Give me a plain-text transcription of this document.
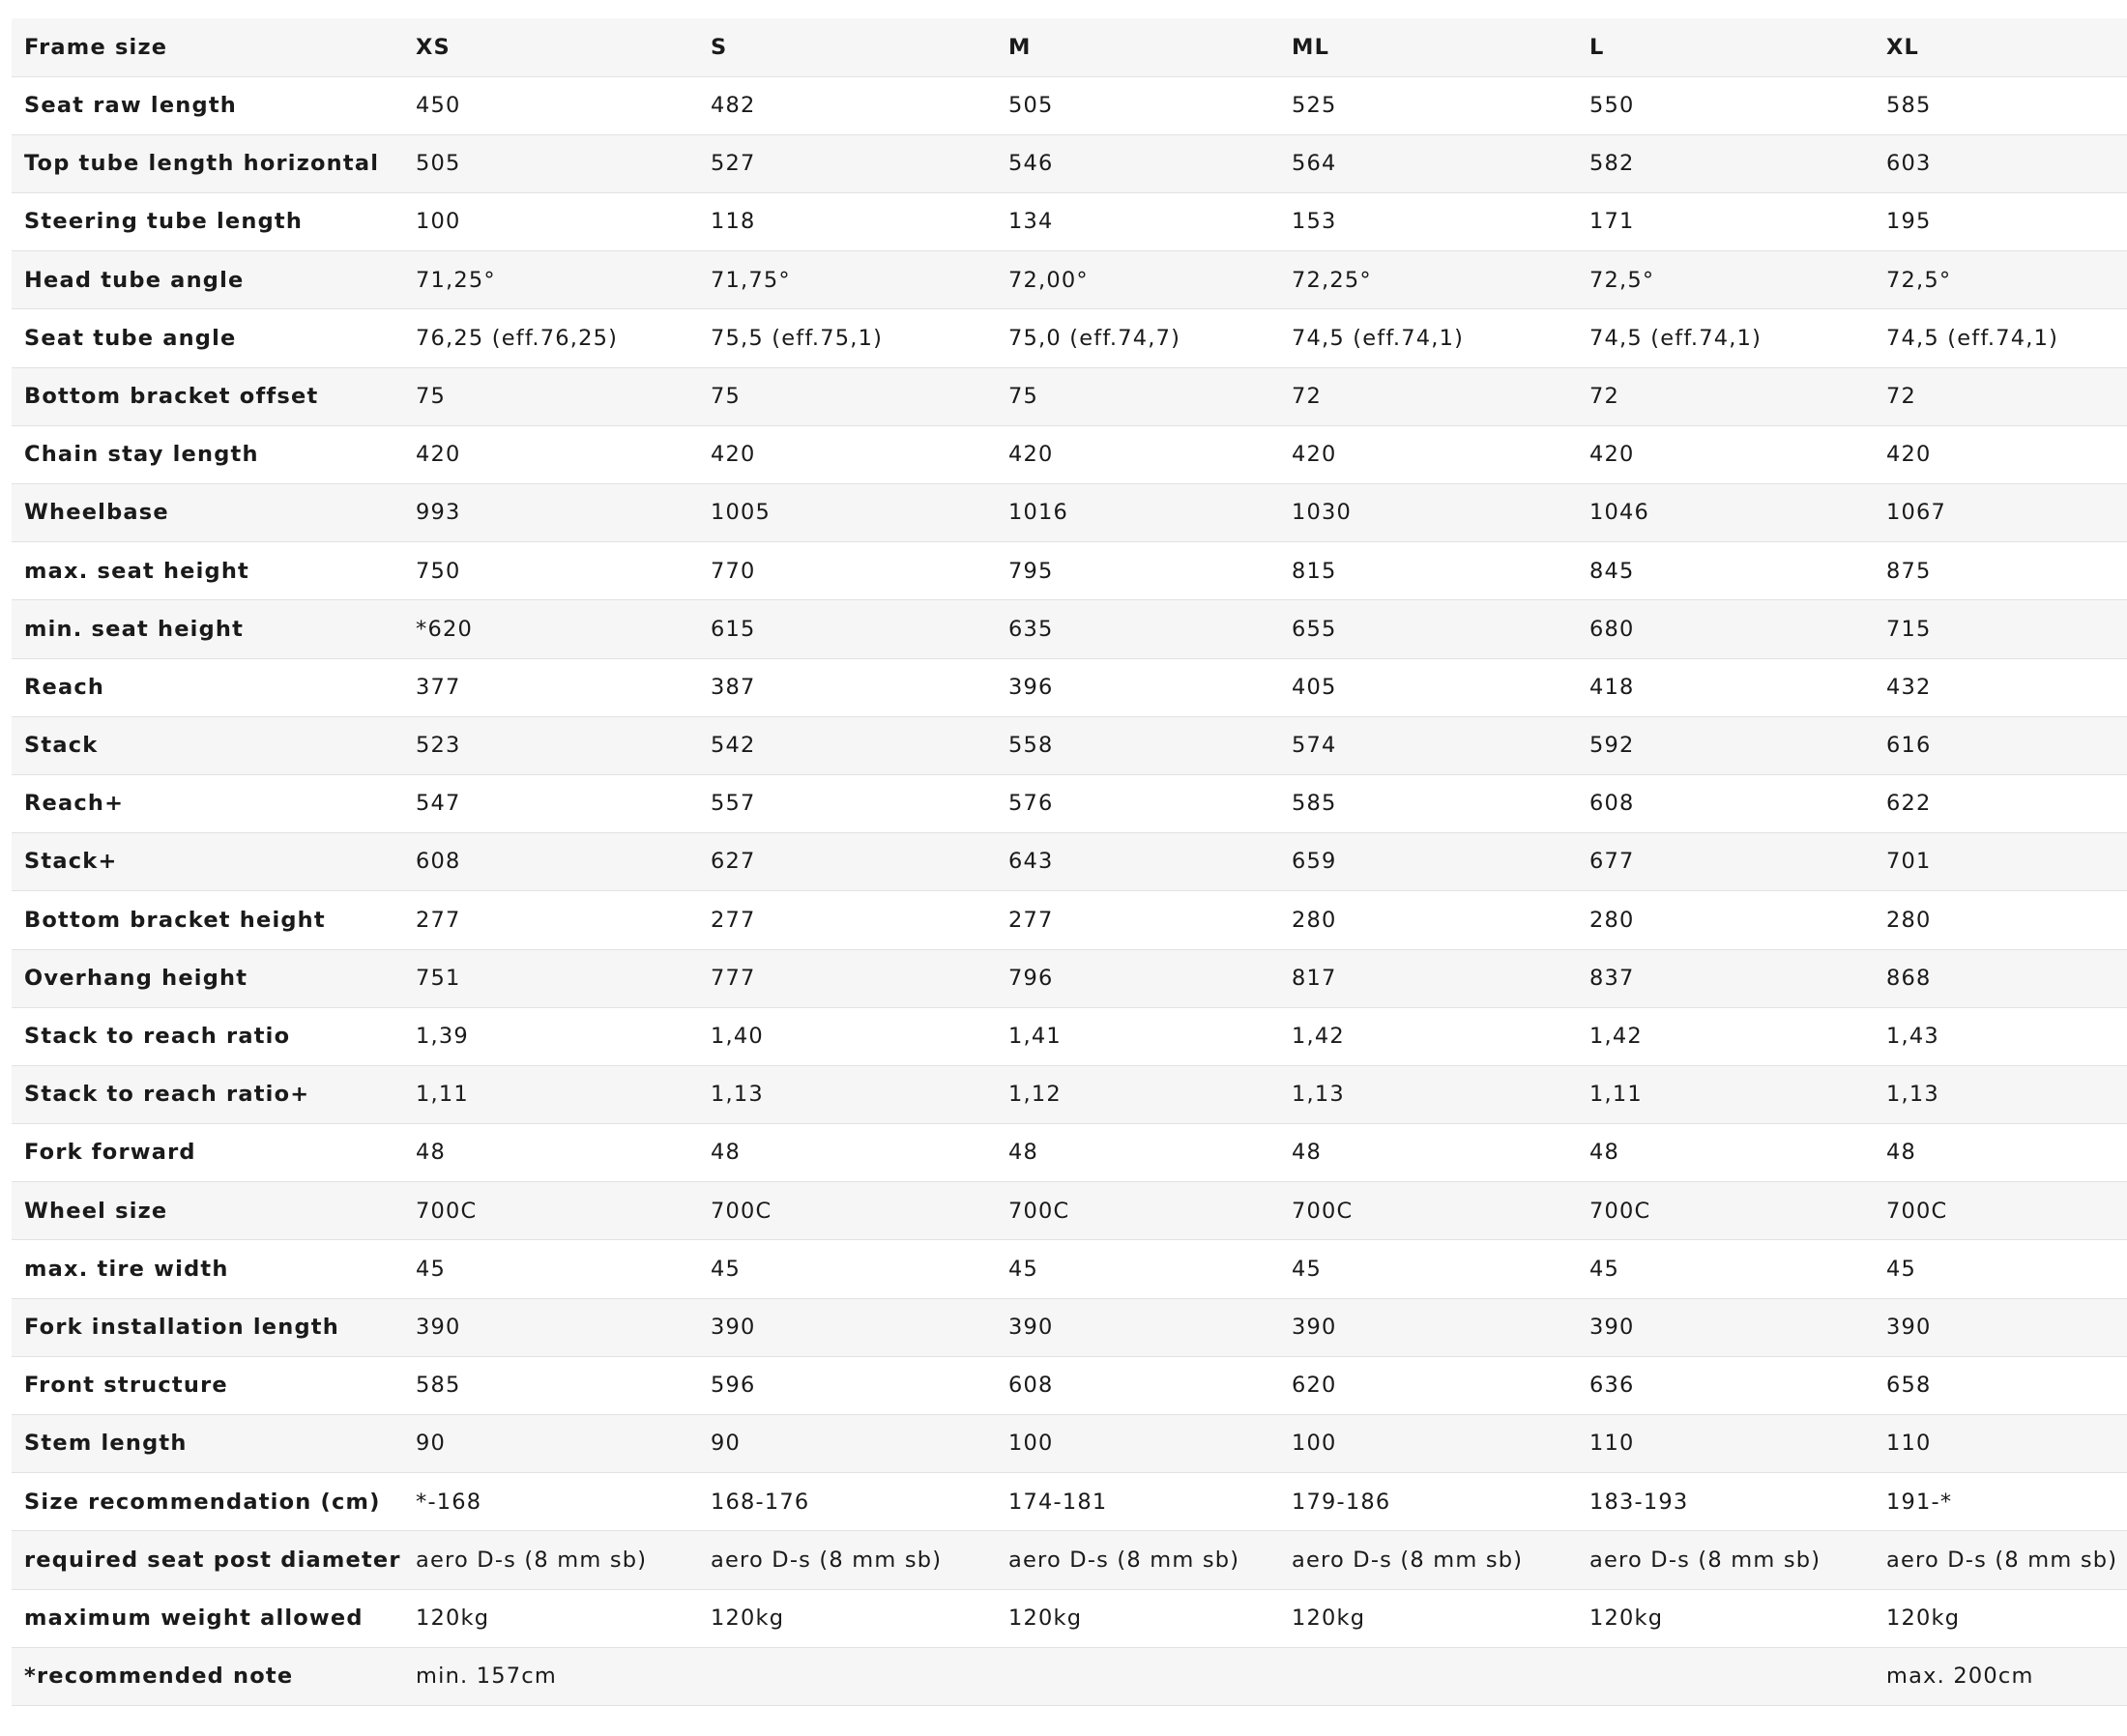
Frame size	XS	S	M	ML	L	XL
Seat raw length	450	482	505	525	550	585
Top tube length horizontal	505	527	546	564	582	603
Steering tube length	100	118	134	153	171	195
Head tube angle	71,25°	71,75°	72,00°	72,25°	72,5°	72,5°
Seat tube angle	76,25 (eff.76,25)	75,5 (eff.75,1)	75,0 (eff.74,7)	74,5 (eff.74,1)	74,5 (eff.74,1)	74,5 (eff.74,1)
Bottom bracket offset	75	75	75	72	72	72
Chain stay length	420	420	420	420	420	420
Wheelbase	993	1005	1016	1030	1046	1067
max. seat height	750	770	795	815	845	875
min. seat height	*620	615	635	655	680	715
Reach	377	387	396	405	418	432
Stack	523	542	558	574	592	616
Reach+	547	557	576	585	608	622
Stack+	608	627	643	659	677	701
Bottom bracket height	277	277	277	280	280	280
Overhang height	751	777	796	817	837	868
Stack to reach ratio	1,39	1,40	1,41	1,42	1,42	1,43
Stack to reach ratio+	1,11	1,13	1,12	1,13	1,11	1,13
Fork forward	48	48	48	48	48	48
Wheel size	700C	700C	700C	700C	700C	700C
max. tire width	45	45	45	45	45	45
Fork installation length	390	390	390	390	390	390
Front structure	585	596	608	620	636	658
Stem length	90	90	100	100	110	110
Size recommendation (cm)	*-168	168-176	174-181	179-186	183-193	191-*
required seat post diameter	aero D-s (8 mm sb)	aero D-s (8 mm sb)	aero D-s (8 mm sb)	aero D-s (8 mm sb)	aero D-s (8 mm sb)	aero D-s (8 mm sb)
maximum weight allowed	120kg	120kg	120kg	120kg	120kg	120kg
*recommended note	min. 157cm					max. 200cm
